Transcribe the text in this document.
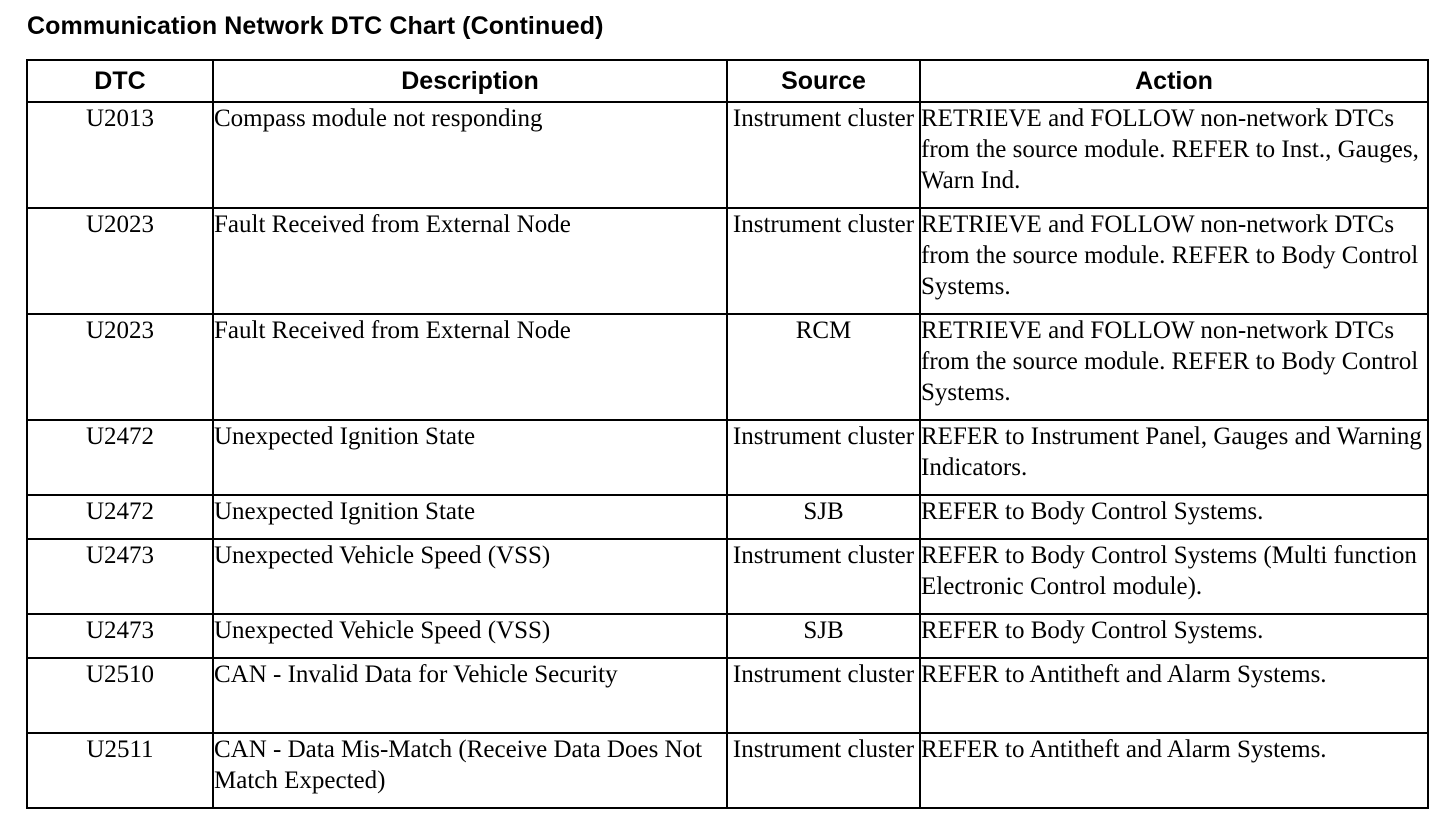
Communication Network DTC Chart (Continued)
DTC	Description	Source	Action
U2013	Compass module not responding	Instrument cluster	RETRIEVE and FOLLOW non-network DTCs from the source module. REFER to Inst., Gauges, Warn Ind.
U2023	Fault Received from External Node	Instrument cluster	RETRIEVE and FOLLOW non-network DTCs from the source module. REFER to Body Control Systems.
U2023	Fault Received from External Node	RCM	RETRIEVE and FOLLOW non-network DTCs from the source module. REFER to Body Control Systems.
U2472	Unexpected Ignition State	Instrument cluster	REFER to Instrument Panel, Gauges and Warning Indicators.
U2472	Unexpected Ignition State	SJB	REFER to Body Control Systems.
U2473	Unexpected Vehicle Speed (VSS)	Instrument cluster	REFER to Body Control Systems (Multi function Electronic Control module).
U2473	Unexpected Vehicle Speed (VSS)	SJB	REFER to Body Control Systems.
U2510	CAN - Invalid Data for Vehicle Security	Instrument cluster	REFER to Antitheft and Alarm Systems.
U2511	CAN - Data Mis-Match (Receive Data Does Not Match Expected)	Instrument cluster	REFER to Antitheft and Alarm Systems.
